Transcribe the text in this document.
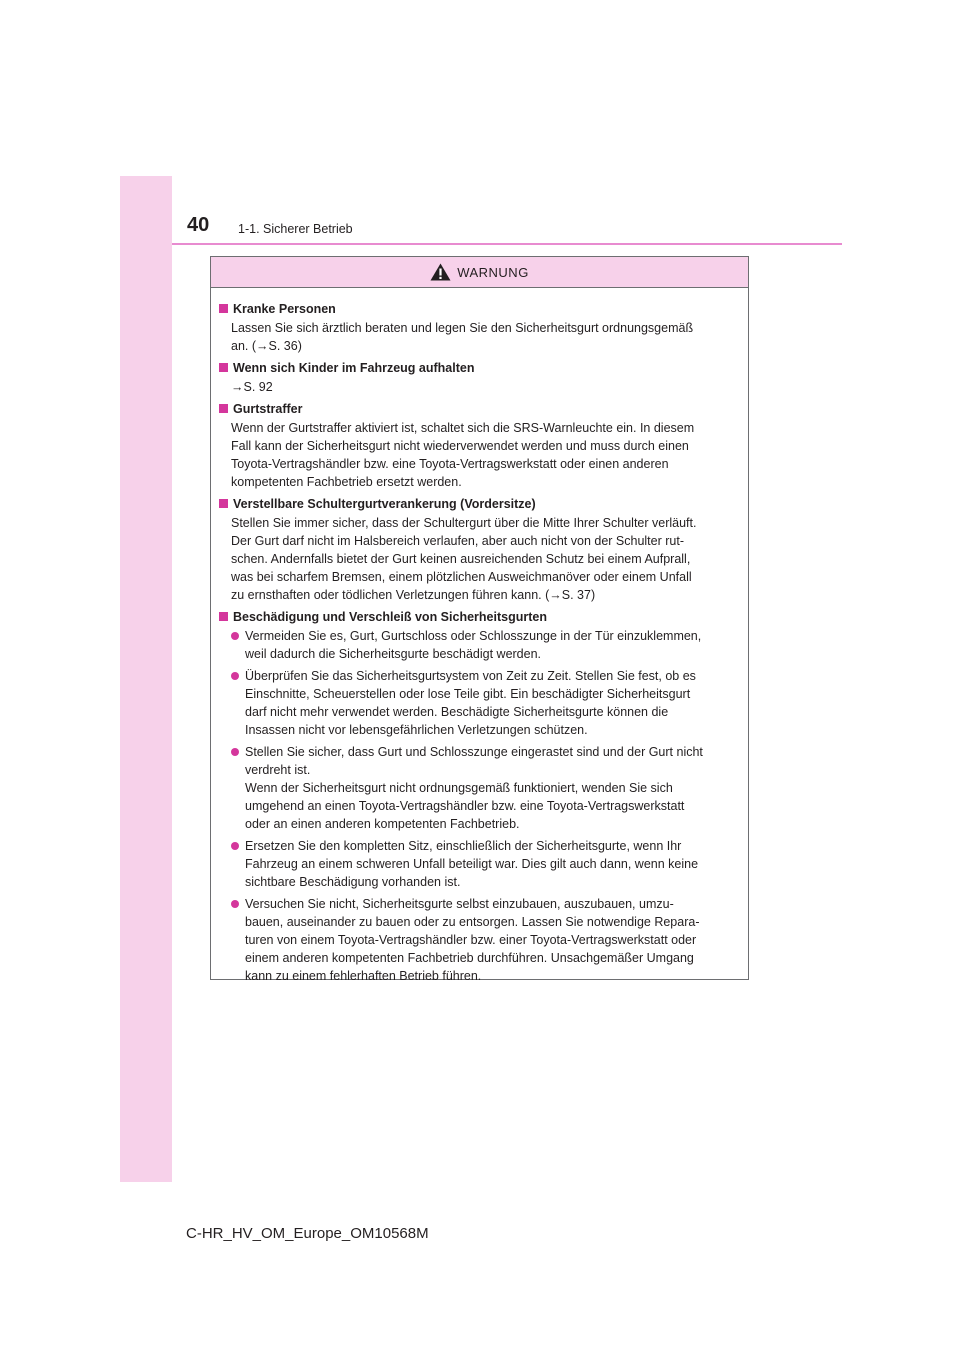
40 1-1. Sicherer Betrieb
WARNUNG
Kranke Personen
Lassen Sie sich ärztlich beraten und legen Sie den Sicherheitsgurt ordnungsgemäß
an. (→S. 36)
Wenn sich Kinder im Fahrzeug aufhalten
→S. 92
Gurtstraffer
Wenn der Gurtstraffer aktiviert ist, schaltet sich die SRS-Warnleuchte ein. In diesem
Fall kann der Sicherheitsgurt nicht wiederverwendet werden und muss durch einen
Toyota-Vertragshändler bzw. eine Toyota-Vertragswerkstatt oder einen anderen
kompetenten Fachbetrieb ersetzt werden.
Verstellbare Schultergurtverankerung (Vordersitze)
Stellen Sie immer sicher, dass der Schultergurt über die Mitte Ihrer Schulter verläuft.
Der Gurt darf nicht im Halsbereich verlaufen, aber auch nicht von der Schulter rut-
schen. Andernfalls bietet der Gurt keinen ausreichenden Schutz bei einem Aufprall,
was bei scharfem Bremsen, einem plötzlichen Ausweichmanöver oder einem Unfall
zu ernsthaften oder tödlichen Verletzungen führen kann. (→S. 37)
Beschädigung und Verschleiß von Sicherheitsgurten
Vermeiden Sie es, Gurt, Gurtschloss oder Schlosszunge in der Tür einzuklemmen,
weil dadurch die Sicherheitsgurte beschädigt werden.
Überprüfen Sie das Sicherheitsgurtsystem von Zeit zu Zeit. Stellen Sie fest, ob es
Einschnitte, Scheuerstellen oder lose Teile gibt. Ein beschädigter Sicherheitsgurt
darf nicht mehr verwendet werden. Beschädigte Sicherheitsgurte können die
Insassen nicht vor lebensgefährlichen Verletzungen schützen.
Stellen Sie sicher, dass Gurt und Schlosszunge eingerastet sind und der Gurt nicht
verdreht ist.
Wenn der Sicherheitsgurt nicht ordnungsgemäß funktioniert, wenden Sie sich
umgehend an einen Toyota-Vertragshändler bzw. eine Toyota-Vertragswerkstatt
oder an einen anderen kompetenten Fachbetrieb.
Ersetzen Sie den kompletten Sitz, einschließlich der Sicherheitsgurte, wenn Ihr
Fahrzeug an einem schweren Unfall beteiligt war. Dies gilt auch dann, wenn keine
sichtbare Beschädigung vorhanden ist.
Versuchen Sie nicht, Sicherheitsgurte selbst einzubauen, auszubauen, umzu-
bauen, auseinander zu bauen oder zu entsorgen. Lassen Sie notwendige Repara-
turen von einem Toyota-Vertragshändler bzw. einer Toyota-Vertragswerkstatt oder
einem anderen kompetenten Fachbetrieb durchführen. Unsachgemäßer Umgang
kann zu einem fehlerhaften Betrieb führen.
C-HR_HV_OM_Europe_OM10568M
